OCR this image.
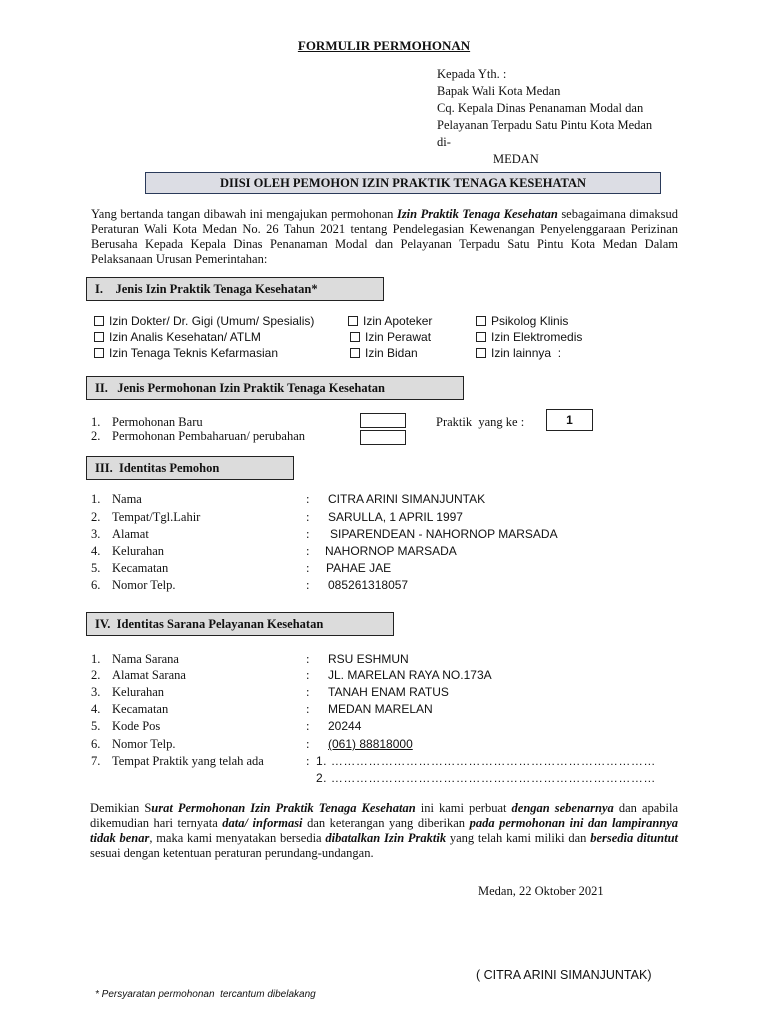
FORMULIR PERMOHONAN
Kepada Yth. :
Bapak Wali Kota Medan
Cq. Kepala Dinas Penanaman Modal dan
Pelayanan Terpadu Satu Pintu Kota Medan
di-
MEDAN
DIISI OLEH PEMOHON IZIN PRAKTIK TENAGA KESEHATAN
Yang bertanda tangan dibawah ini mengajukan permohonan Izin Praktik Tenaga Kesehatan sebagaimana dimaksud Peraturan Wali Kota Medan No. 26 Tahun 2021 tentang Pendelegasian Kewenangan Penyelenggaraan Perizinan Berusaha Kepada Kepala Dinas Penanaman Modal dan Pelayanan Terpadu Satu Pintu Kota Medan Dalam Pelaksanaan Urusan Pemerintahan:
I.    Jenis Izin Praktik Tenaga Kesehatan*
Izin Dokter/ Dr. Gigi (Umum/ Spesialis)	Izin Apoteker	Psikolog Klinis
Izin Analis Kesehatan/ ATLM	Izin Perawat	Izin Elektromedis
Izin Tenaga Teknis Kefarmasian	Izin Bidan	Izin lainnya  :
II.   Jenis Permohonan Izin Praktik Tenaga Kesehatan
1. Permohonan Baru
2. Permohonan Pembaharuan/ perubahan
Praktik  yang ke :	1
III.  Identitas Pemohon
1. Nama	: CITRA ARINI SIMANJUNTAK
2. Tempat/Tgl.Lahir	: SARULLA, 1 APRIL 1997
3. Alamat	: SIPARENDEAN - NAHORNOP MARSADA
4. Kelurahan	: NAHORNOP MARSADA
5. Kecamatan	: PAHAE JAE
6. Nomor Telp.	: 085261318057
IV.  Identitas Sarana Pelayanan Kesehatan
1. Nama Sarana	: RSU ESHMUN
2. Alamat Sarana	: JL. MARELAN RAYA NO.173A
3. Kelurahan	: TANAH ENAM RATUS
4. Kecamatan	: MEDAN MARELAN
5. Kode Pos	: 20244
6. Nomor Telp.	: (061) 88818000
7. Tempat Praktik yang telah ada	: 1. ……………………………………………………………………
2. ……………………………………………………………………
Demikian Surat Permohonan Izin Praktik Tenaga Kesehatan ini kami perbuat dengan sebenarnya dan apabila dikemudian hari ternyata data/ informasi dan keterangan yang diberikan pada permohonan ini dan lampirannya tidak benar, maka kami menyatakan bersedia dibatalkan Izin Praktik yang telah kami miliki dan bersedia dituntut sesuai dengan ketentuan peraturan perundang-undangan.
Medan, 22 Oktober 2021
( CITRA ARINI SIMANJUNTAK)
* Persyaratan permohonan  tercantum dibelakang
